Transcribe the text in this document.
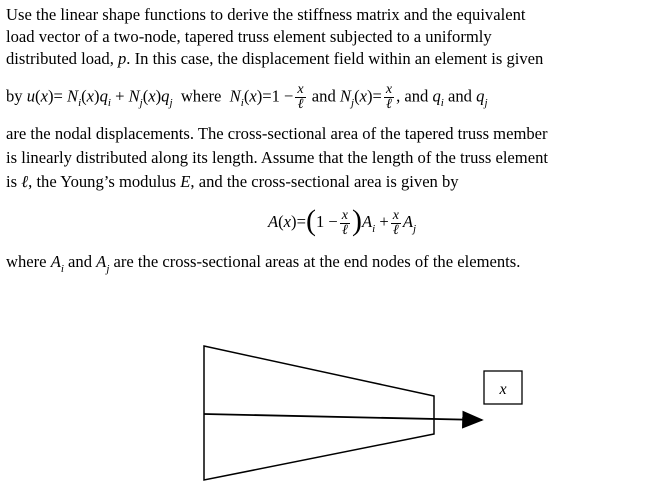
Use the linear shape functions to derive the stiffness matrix and the equivalent
load vector of a two-node, tapered truss element subjected to a uniformly
distributed load, p. In this case, the displacement field within an element is given
by $u(x)= N_i(x)q_i + N_j(x)q_j$ where $N_i(x)=1 - \frac{x}{\text{ℓ}}$ and $N_j(x)= \frac{x}{\text{ℓ}}$ , and $q_i$ and $q_j$
are the nodal displacements. The cross-sectional area of the tapered truss member
is linearly distributed along its length. Assume that the length of the truss element
is ℓ, the Young’s modulus E, and the cross-sectional area is given by
$A(x)=(1 - \frac{x}{\text{ℓ}} )A_i + \frac{x}{\text{ℓ}} A_j$
where $A_i$ and $A_j$ are the cross-sectional areas at the end nodes of the elements.
x
